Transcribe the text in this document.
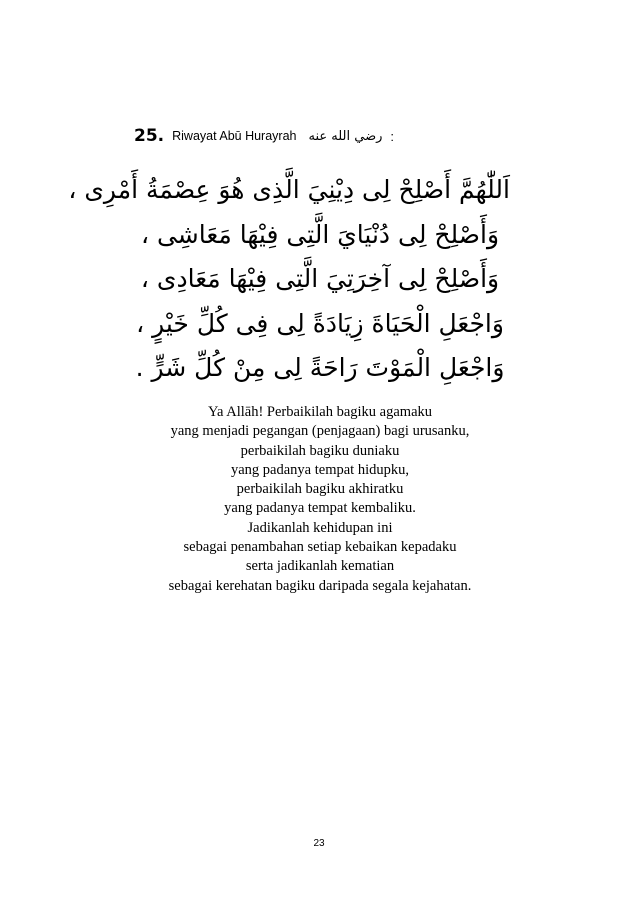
25. Riwayat Abū Hurayrah رضي الله عنه :
اَللّٰهُمَّ أَصْلِحْ لِى دِيْنِيَ الَّذِى هُوَ عِصْمَةُ أَمْرِى ،
وَأَصْلِحْ لِى دُنْيَايَ الَّتِى فِيْهَا مَعَاشِى ،
وَأَصْلِحْ لِى آخِرَتِيَ الَّتِى فِيْهَا مَعَادِى ،
وَاجْعَلِ الْحَيَاةَ زِيَادَةً لِى فِى كُلِّ خَيْرٍ ،
وَاجْعَلِ الْمَوْتَ رَاحَةً لِى مِنْ كُلِّ شَرٍّ .
Ya Allāh! Perbaikilah bagiku agamaku
yang menjadi pegangan (penjagaan) bagi urusanku,
perbaikilah bagiku duniaku
yang padanya tempat hidupku,
perbaikilah bagiku akhiratku
yang padanya tempat kembaliku.
Jadikanlah kehidupan ini
sebagai penambahan setiap kebaikan kepadaku
serta jadikanlah kematian
sebagai kerehatan bagiku daripada segala kejahatan.
23
